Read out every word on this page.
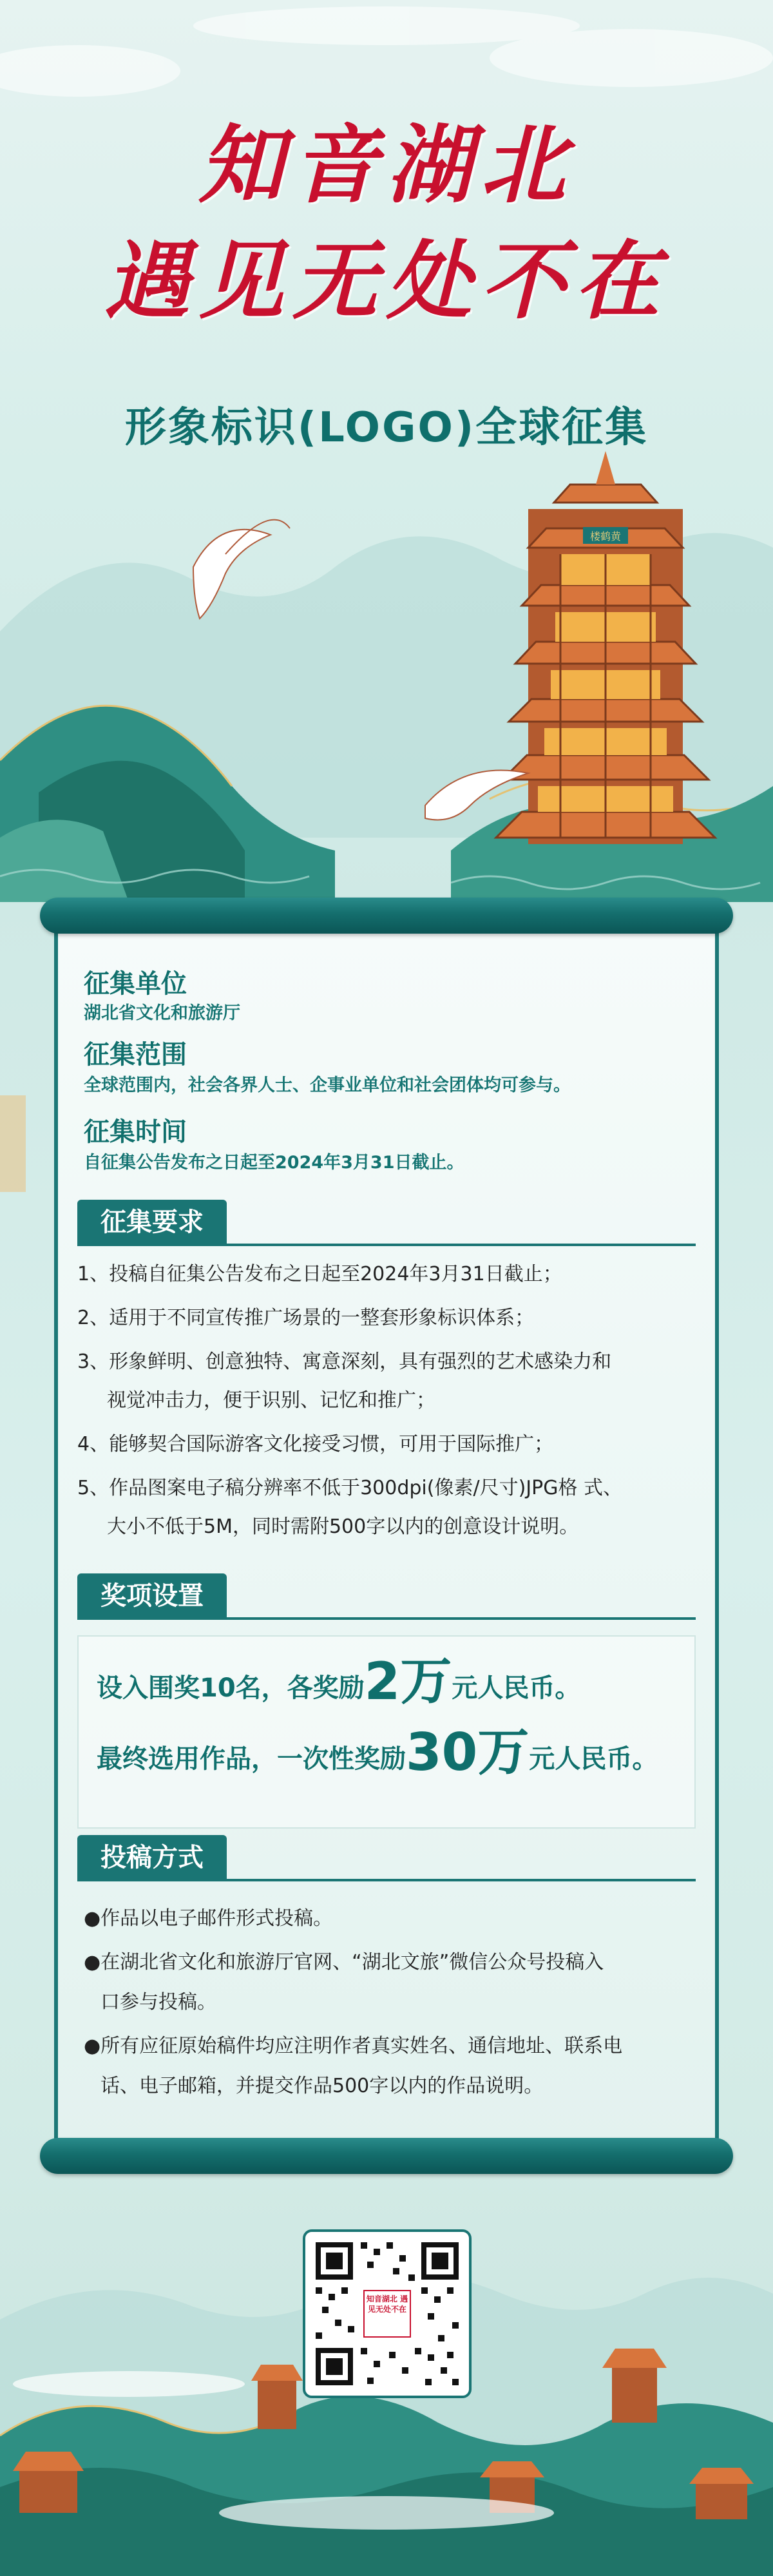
楼鹤黄
知音湖北
遇见无处不在
形象标识(LOGO)全球征集
征集单位
湖北省文化和旅游厅
征集范围
全球范围内，社会各界人士、企事业单位和社会团体均可参与。
征集时间
自征集公告发布之日起至2024年3月31日截止。
征集要求
1、投稿自征集公告发布之日起至2024年3月31日截止；
2、适用于不同宣传推广场景的一整套形象标识体系；
3、形象鲜明、创意独特、寓意深刻，具有强烈的艺术感染力和
视觉冲击力，便于识别、记忆和推广；
4、能够契合国际游客文化接受习惯，可用于国际推广；
5、作品图案电子稿分辨率不低于300dpi(像素/尺寸)JPG格 式、
大小不低于5M，同时需附500字以内的创意设计说明。
奖项设置
设入围奖10名，各奖励2万元人民币。
最终选用作品，一次性奖励30万元人民币。
投稿方式
●作品以电子邮件形式投稿。
●在湖北省文化和旅游厅官网、“湖北文旅”微信公众号投稿入
口参与投稿。
●所有应征原始稿件均应注明作者真实姓名、通信地址、联系电
话、电子邮箱，并提交作品500字以内的作品说明。
知音湖北 遇见无处不在
